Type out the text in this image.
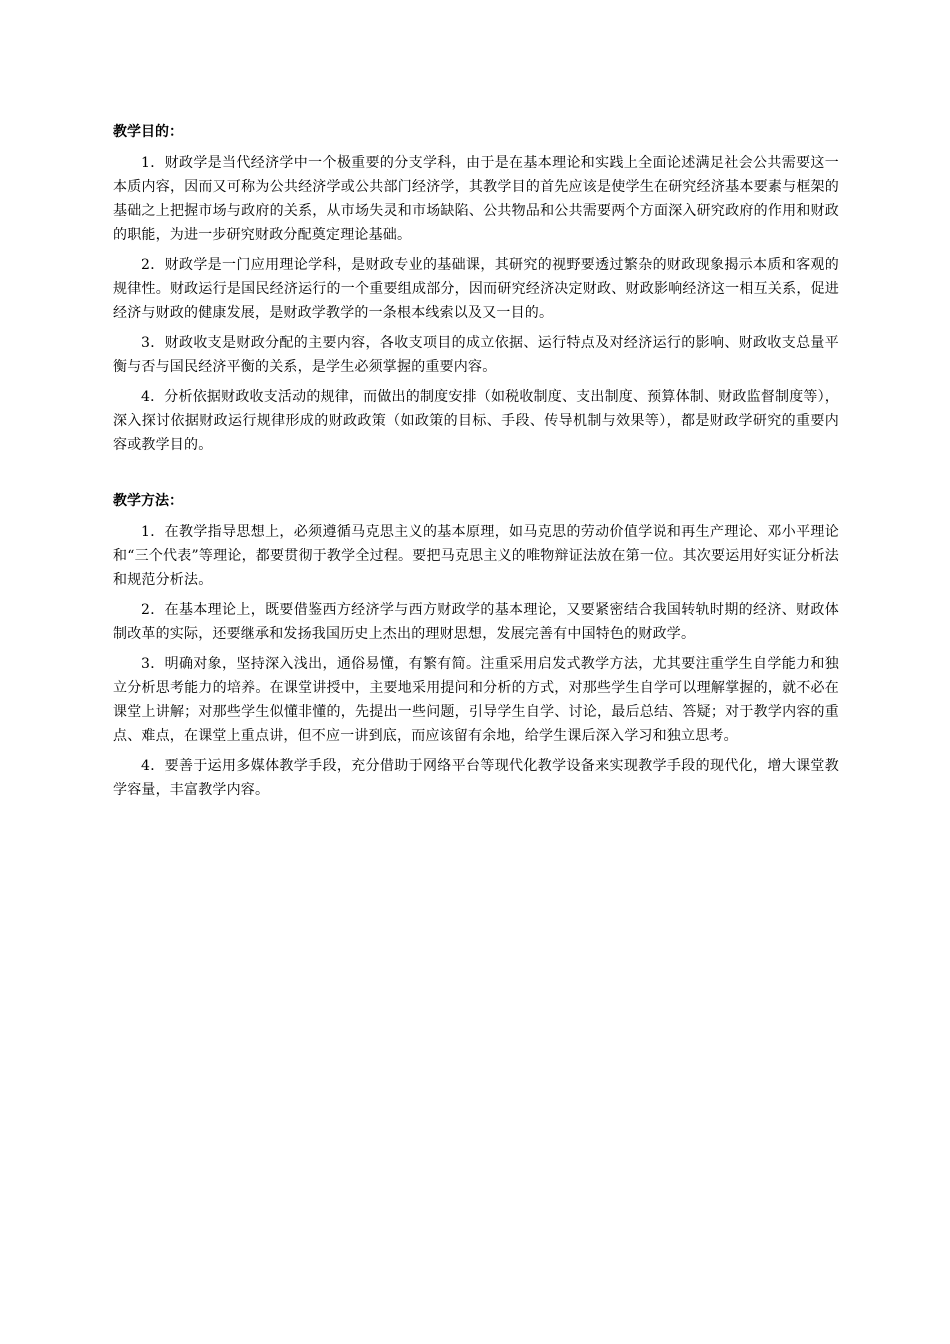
教学目的：

1．财政学是当代经济学中一个极重要的分支学科，由于是在基本理论和实践上全面论述满足社会公共需要这一本质内容，因而又可称为公共经济学或公共部门经济学，其教学目的首先应该是使学生在研究经济基本要素与框架的基础之上把握市场与政府的关系，从市场失灵和市场缺陷、公共物品和公共需要两个方面深入研究政府的作用和财政的职能，为进一步研究财政分配奠定理论基础。

2．财政学是一门应用理论学科，是财政专业的基础课，其研究的视野要透过繁杂的财政现象揭示本质和客观的规律性。财政运行是国民经济运行的一个重要组成部分，因而研究经济决定财政、财政影响经济这一相互关系，促进经济与财政的健康发展，是财政学教学的一条根本线索以及又一目的。

3．财政收支是财政分配的主要内容，各收支项目的成立依据、运行特点及对经济运行的影响、财政收支总量平衡与否与国民经济平衡的关系，是学生必须掌握的重要内容。

4．分析依据财政收支活动的规律，而做出的制度安排（如税收制度、支出制度、预算体制、财政监督制度等），深入探讨依据财政运行规律形成的财政政策（如政策的目标、手段、传导机制与效果等），都是财政学研究的重要内容或教学目的。

教学方法：

1．在教学指导思想上，必须遵循马克思主义的基本原理，如马克思的劳动价值学说和再生产理论、邓小平理论和“三个代表”等理论，都要贯彻于教学全过程。要把马克思主义的唯物辩证法放在第一位。其次要运用好实证分析法和规范分析法。

2．在基本理论上，既要借鉴西方经济学与西方财政学的基本理论，又要紧密结合我国转轨时期的经济、财政体制改革的实际，还要继承和发扬我国历史上杰出的理财思想，发展完善有中国特色的财政学。

3．明确对象，坚持深入浅出，通俗易懂，有繁有简。注重采用启发式教学方法，尤其要注重学生自学能力和独立分析思考能力的培养。在课堂讲授中，主要地采用提问和分析的方式，对那些学生自学可以理解掌握的，就不必在课堂上讲解；对那些学生似懂非懂的，先提出一些问题，引导学生自学、讨论，最后总结、答疑；对于教学内容的重点、难点，在课堂上重点讲，但不应一讲到底，而应该留有余地，给学生课后深入学习和独立思考。

4．要善于运用多媒体教学手段，充分借助于网络平台等现代化教学设备来实现教学手段的现代化，增大课堂教学容量，丰富教学内容。
